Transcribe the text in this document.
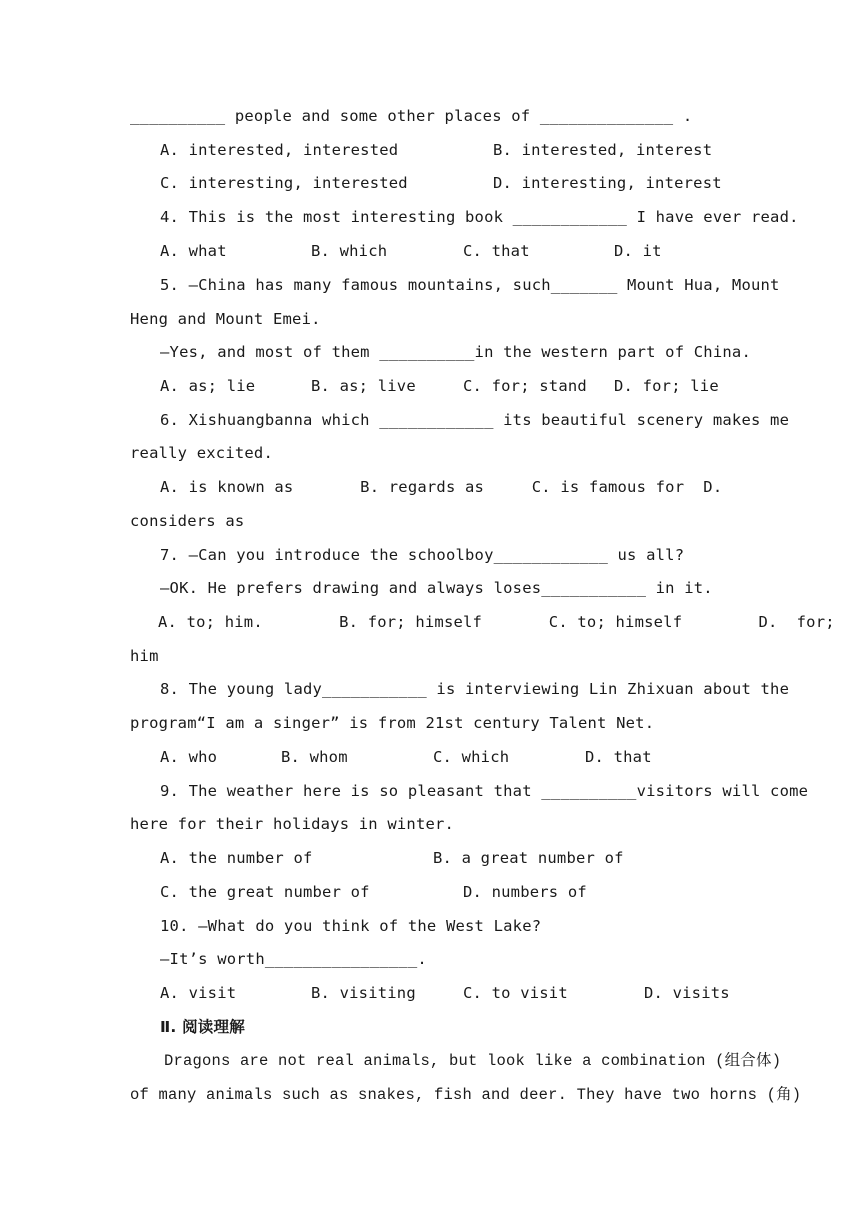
__________ people and some other places of ______________ .
A. interested, interested	B. interested, interest
C. interesting, interested	D. interesting, interest
4. This is the most interesting book ____________ I have ever read.
A. what	B. which	C. that	D. it
5. —China has many famous mountains, such_______ Mount Hua, Mount
Heng and Mount Emei.
—Yes, and most of them __________in the western part of China.
A. as; lie	B. as; live	C. for; stand D. for; lie
6. Xishuangbanna which ____________ its beautiful scenery makes me
really excited.
A. is known as       B. regards as     C. is famous for  D.
considers as
7. —Can you introduce the schoolboy____________ us all?
—OK. He prefers drawing and always loses___________ in it.
A. to; him.        B. for; himself       C. to; himself        D.  for;
him
8. The young lady___________ is interviewing Lin Zhixuan about the
program“I am a singer” is from 21st century Talent Net.
A. who	B. whom	C. which	D. that
9. The weather here is so pleasant that __________visitors will come
here for their holidays in winter.
A. the number of	B. a great number of
C. the great number of	D. numbers of
10. —What do you think of the West Lake?
—It’s worth________________.
A. visit	B. visiting	C. to visit	D. visits
Ⅱ. 阅读理解
Dragons are not real animals, but look like a combination (组合体)
of many animals such as snakes, fish and deer. They have two horns (角)
